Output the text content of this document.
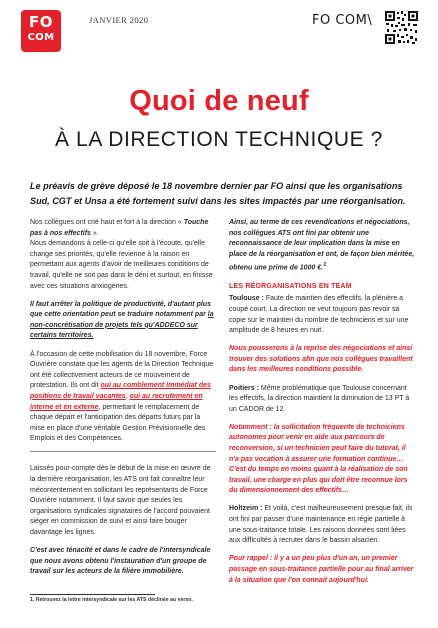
FO
COM
JANVIER 2020	FO COM\
Quoi de neuf
À LA DIRECTION TECHNIQUE ?

Le préavis de grève déposé le 18 novembre dernier par FO ainsi que les organisations Sud, CGT et Unsa a été fortement suivi dans les sites impactés par une réorganisation.

Nos collègues ont crié haut et fort à la direction « Touche pas à nos effectifs ».
Nous demandons à celle-ci qu'elle soit à l'écoute, qu'elle change ses priorités, qu'elle revienne à la raison en permettant aux agents d'avoir de meilleures conditions de travail, qu'elle ne soit pas dans le déni et surtout, en finisse avec ces situations anxiogènes.

Il faut arrêter la politique de productivité, d'autant plus que cette orientation peut se traduire notamment par la non-concrétisation de projets tels qu'ADDECO sur certains territoires.

À l'occasion de cette mobilisation du 18 novembre, Force Ouvrière constate que les agents de la Direction Technique ont été collectivement acteurs de ce mouvement de protestation. Ils ont dit oui au comblement immédiat des positions de travail vacantes, oui au recrutement en interne et en externe, permettant le remplacement de chaque départ et l'anticipation des départs futurs par la mise en place d'une véritable Gestion Prévisionnelle des Emplois et des Compétences.

Laissés pour-compte dès le début de la mise en œuvre de la dernière réorganisation, les ATS ont fait connaître leur mécontentement en sollicitant les représentants de Force Ouvrière notamment. Il faut savoir que seules les organisations syndicales signataires de l'accord pouvaient siéger en commission de suivi et ainsi faire bouger davantage les lignes.

C'est avec ténacité et dans le cadre de l'intersyndicale que nous avons obtenu l'instauration d'un groupe de travail sur les acteurs de la filière immobilière.

1. Retrouvez la lettre intersyndicale sur les ATS déclinée au verso.

Ainsi, au terme de ces revendications et négociations, nos collègues ATS ont fini par obtenir une reconnaissance de leur implication dans la mise en place de la réorganisation et ont, de façon bien méritée, obtenu une prime de 1000 €.$^1$

LES RÉORGANISATIONS EN TEAM

Toulouse : Faute de maintien des effectifs, la plénière a coupé court. La direction ne veut toujours pas revoir sa copie sur le maintien du nombre de techniciens et sur une amplitude de 8 heures en nuit.

Nous pousserons à la reprise des négociations et ainsi trouver des solutions afin que nos collègues travaillent dans les meilleures conditions possible.

Poitiers : Même problématique que Toulouse concernant les effectifs, la direction maintient la diminution de 13 PT à un CADOR de 12.

Notamment : la sollicitation fréquente de techniciens autonomes pour venir en aide aux parcours de reconversion, si un technicien peut faire du tutorat, il n'a pas vocation à assurer une formation continue… C'est du temps en moins quant à la réalisation de son travail, une charge en plus qui doit être reconnue lors du dimensionnement des effectifs…

Holtzeim : Et voilà, c'est malheureusement presque fait, ils ont fini par passer d'une maintenance en régie partielle à une sous-traitance totale. Les raisons données sont liées aux difficultés à recruter dans le bassin alsacien.

Pour rappel : il y a un peu plus d'un an, un premier passage en sous-traitance partielle pour au final arriver à la situation que l'on connait aujourd'hui.
